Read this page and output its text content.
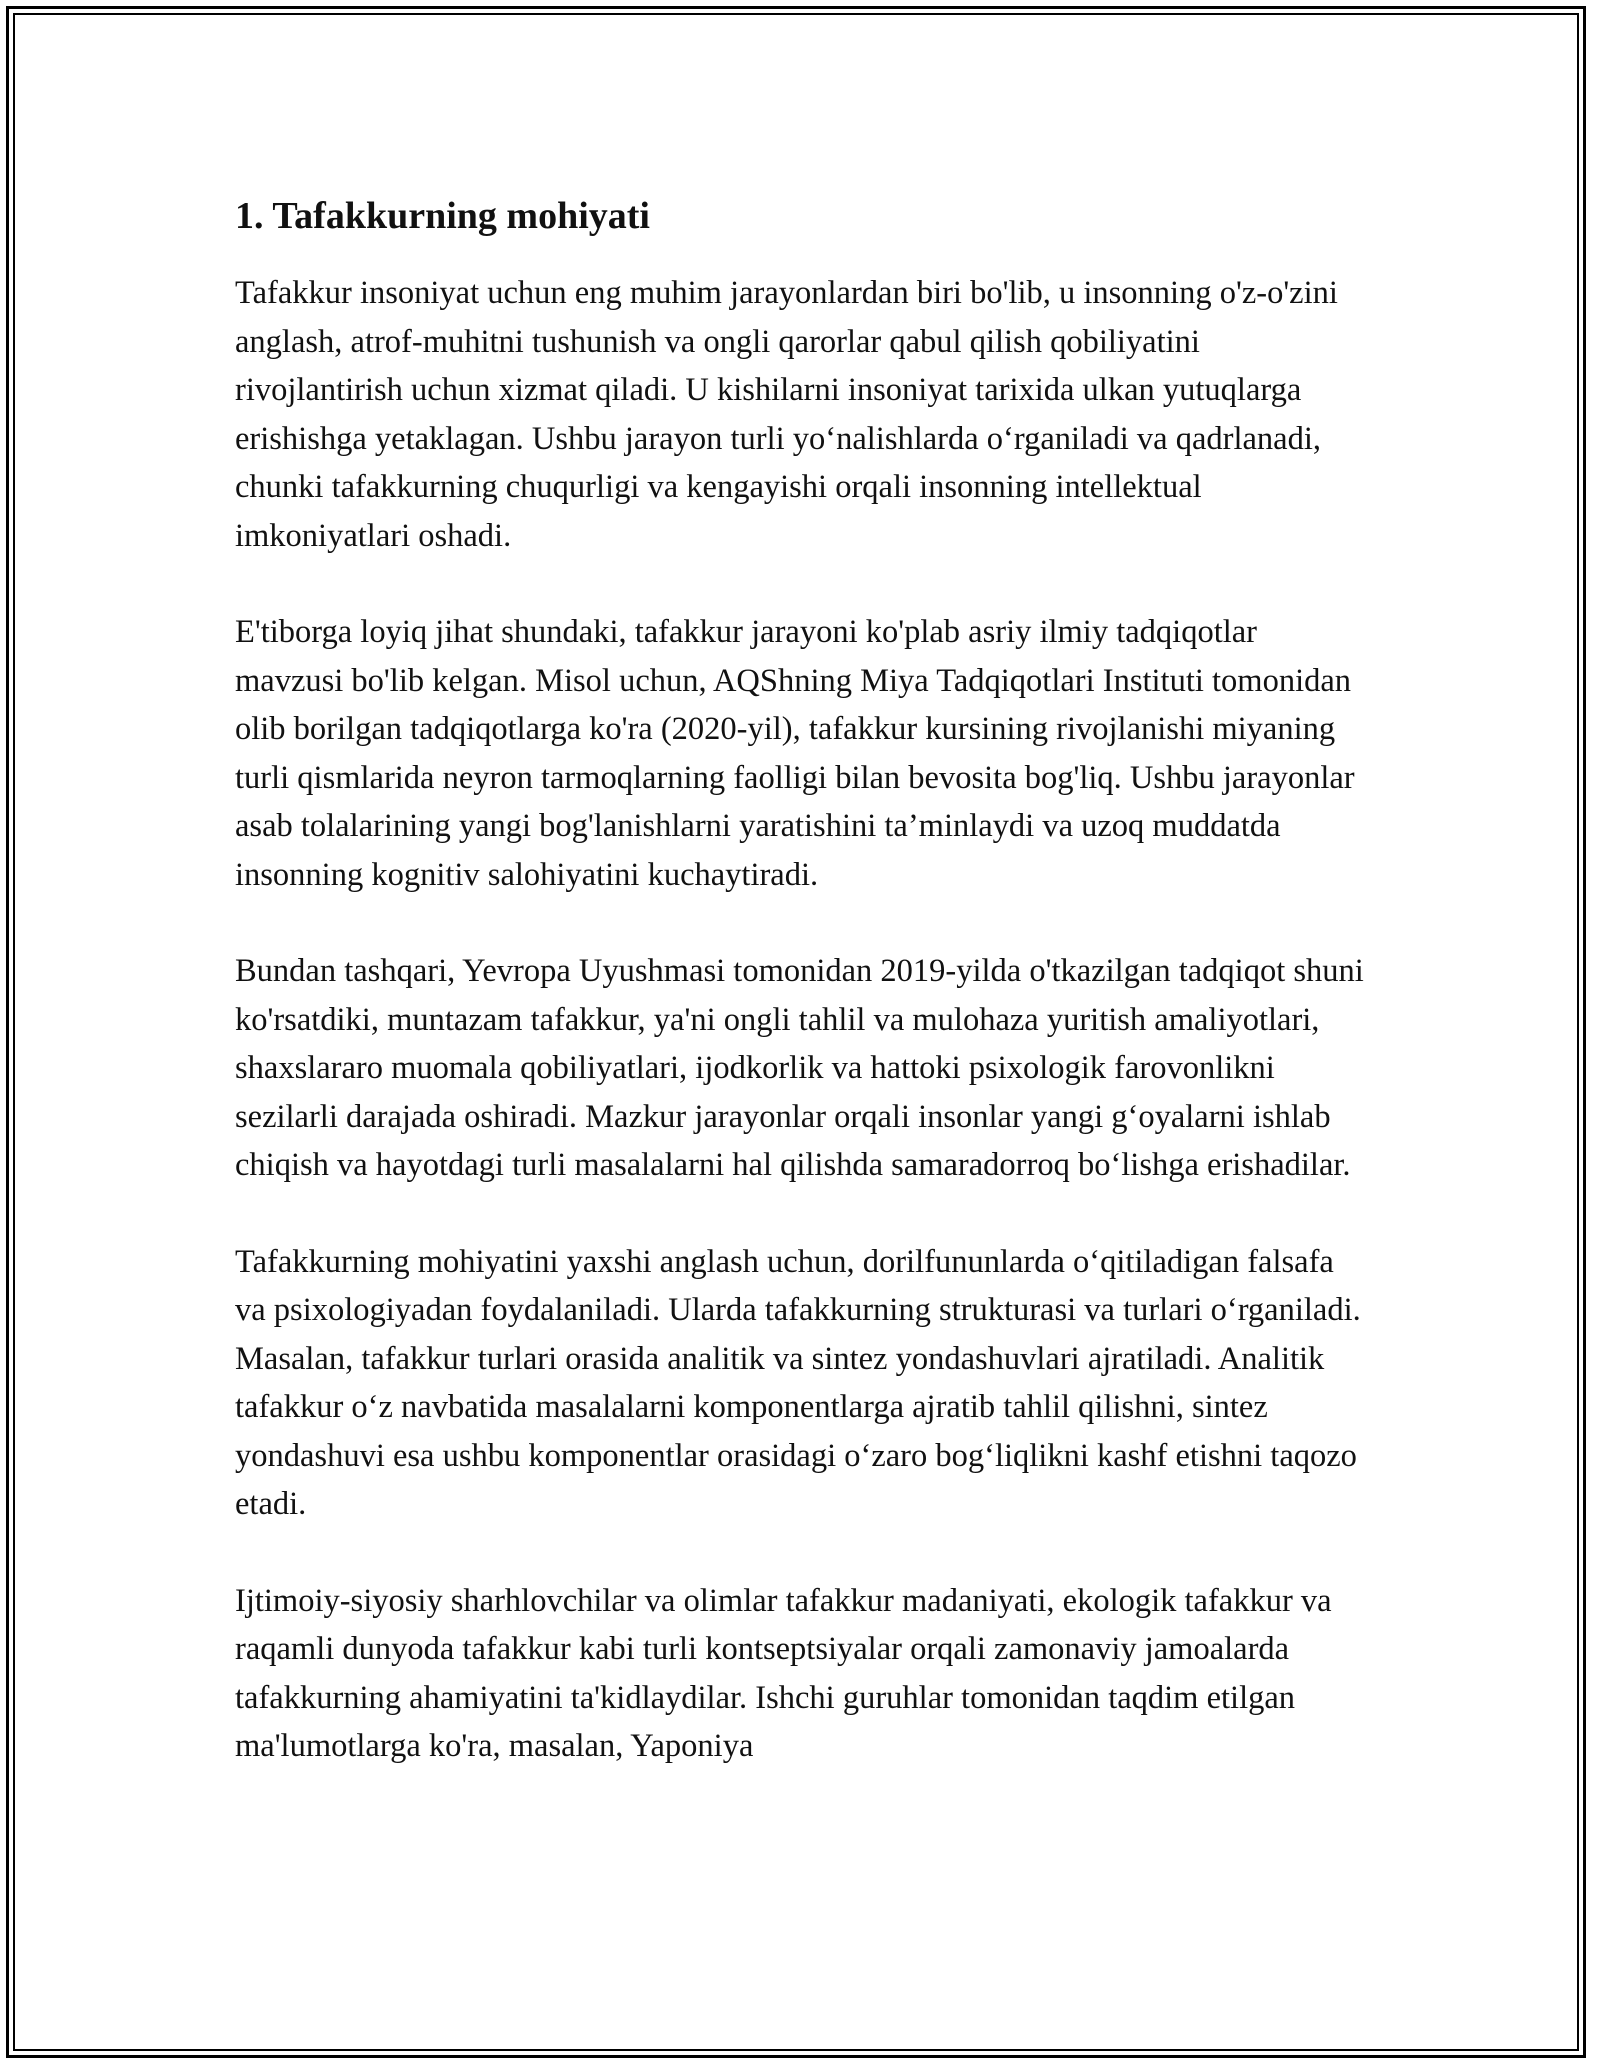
1. Tafakkurning mohiyati

Tafakkur insoniyat uchun eng muhim jarayonlardan biri bo'lib, u insonning o'z-o'zini anglash, atrof-muhitni tushunish va ongli qarorlar qabul qilish qobiliyatini rivojlantirish uchun xizmat qiladi. U kishilarni insoniyat tarixida ulkan yutuqlarga erishishga yetaklagan. Ushbu jarayon turli yo‘nalishlarda o‘rganiladi va qadrlanadi, chunki tafakkurning chuqurligi va kengayishi orqali insonning intellektual imkoniyatlari oshadi.

E'tiborga loyiq jihat shundaki, tafakkur jarayoni ko'plab asriy ilmiy tadqiqotlar mavzusi bo'lib kelgan. Misol uchun, AQShning Miya Tadqiqotlari Instituti tomonidan olib borilgan tadqiqotlarga ko'ra (2020-yil), tafakkur kursining rivojlanishi miyaning turli qismlarida neyron tarmoqlarning faolligi bilan bevosita bog'liq. Ushbu jarayonlar asab tolalarining yangi bog'lanishlarni yaratishini ta’minlaydi va uzoq muddatda insonning kognitiv salohiyatini kuchaytiradi.

Bundan tashqari, Yevropa Uyushmasi tomonidan 2019-yilda o'tkazilgan tadqiqot shuni ko'rsatdiki, muntazam tafakkur, ya'ni ongli tahlil va mulohaza yuritish amaliyotlari, shaxslararo muomala qobiliyatlari, ijodkorlik va hattoki psixologik farovonlikni sezilarli darajada oshiradi. Mazkur jarayonlar orqali insonlar yangi g‘oyalarni ishlab chiqish va hayotdagi turli masalalarni hal qilishda samaradorroq bo‘lishga erishadilar.

Tafakkurning mohiyatini yaxshi anglash uchun, dorilfununlarda o‘qitiladigan falsafa va psixologiyadan foydalaniladi. Ularda tafakkurning strukturasi va turlari o‘rganiladi. Masalan, tafakkur turlari orasida analitik va sintez yondashuvlari ajratiladi. Analitik tafakkur o‘z navbatida masalalarni komponentlarga ajratib tahlil qilishni, sintez yondashuvi esa ushbu komponentlar orasidagi o‘zaro bog‘liqlikni kashf etishni taqozo etadi.

Ijtimoiy-siyosiy sharhlovchilar va olimlar tafakkur madaniyati, ekologik tafakkur va raqamli dunyoda tafakkur kabi turli kontseptsiyalar orqali zamonaviy jamoalarda tafakkurning ahamiyatini ta'kidlaydilar. Ishchi guruhlar tomonidan taqdim etilgan ma'lumotlarga ko'ra, masalan, Yaponiya
